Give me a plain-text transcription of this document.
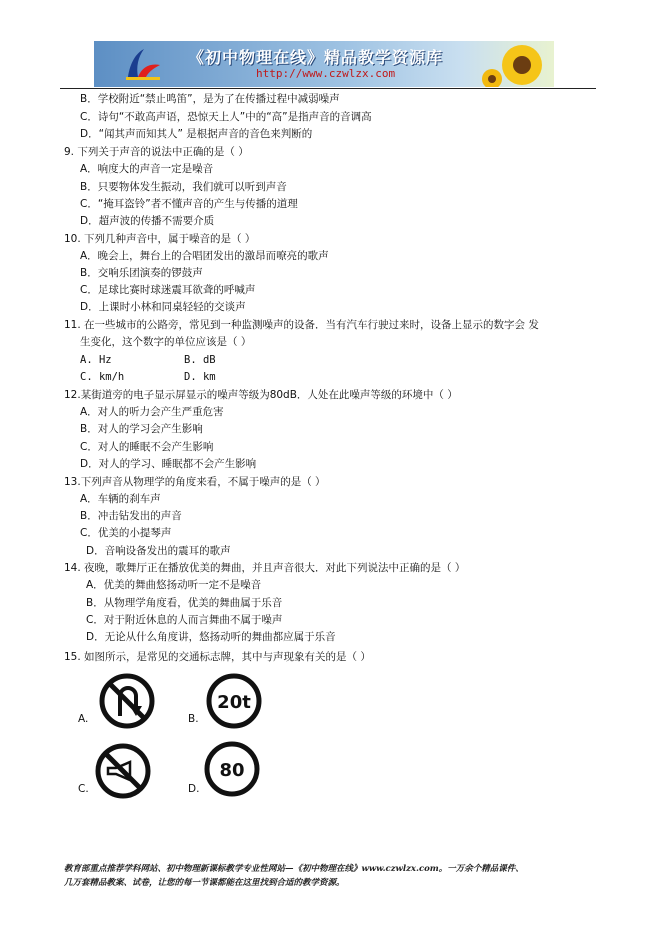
《初中物理在线》精品教学资源库
http://www.czwlzx.com
B．学校附近“禁止鸣笛”，是为了在传播过程中减弱噪声
C．诗句“不敢高声语，恐惊天上人”中的“高”是指声音的音调高
D．“闻其声而知其人” 是根据声音的音色来判断的
9. 下列关于声音的说法中正确的是（ ）
A．响度大的声音一定是噪音
B．只要物体发生振动，我们就可以听到声音
C．“掩耳盗铃”者不懂声音的产生与传播的道理
D．超声波的传播不需要介质
10. 下列几种声音中，属于噪音的是（ ）
A．晚会上，舞台上的合唱团发出的激昂而嘹亮的歌声
B．交响乐团演奏的锣鼓声
C．足球比赛时球迷震耳欲聋的呼喊声
D．上课时小林和同桌轻轻的交谈声
11. 在一些城市的公路旁，常见到一种监测噪声的设备．当有汽车行驶过来时，设备上显示的数字会 发
生变化，这个数字的单位应该是（ ）
A. Hz	B. dB
C. km/h	D. km
12.某街道旁的电子显示屏显示的噪声等级为80dB．人处在此噪声等级的环境中（ ）
A．对人的听力会产生严重危害
B．对人的学习会产生影响
C．对人的睡眠不会产生影响
D．对人的学习、睡眠都不会产生影响
13.下列声音从物理学的角度来看，不属于噪声的是（ ）
A．车辆的刹车声
B．冲击钻发出的声音
C．优美的小提琴声
D．音响设备发出的震耳的歌声
14. 夜晚，歌舞厅正在播放优美的舞曲，并且声音很大．对此下列说法中正确的是（ ）
A．优美的舞曲悠扬动听一定不是噪音
B．从物理学角度看，优美的舞曲属于乐音
C．对于附近休息的人而言舞曲不属于噪声
D．无论从什么角度讲，悠扬动听的舞曲都应属于乐音
15. 如图所示，是常见的交通标志牌，其中与声现象有关的是（ ）
A.	B.
C.	D.
20t
80
教育部重点推荐学科网站、初中物理新课标教学专业性网站—《初中物理在线》www.czwlzx.com。一万余个精品课件、
几万套精品教案、试卷，让您的每一节课都能在这里找到合适的教学资源。
